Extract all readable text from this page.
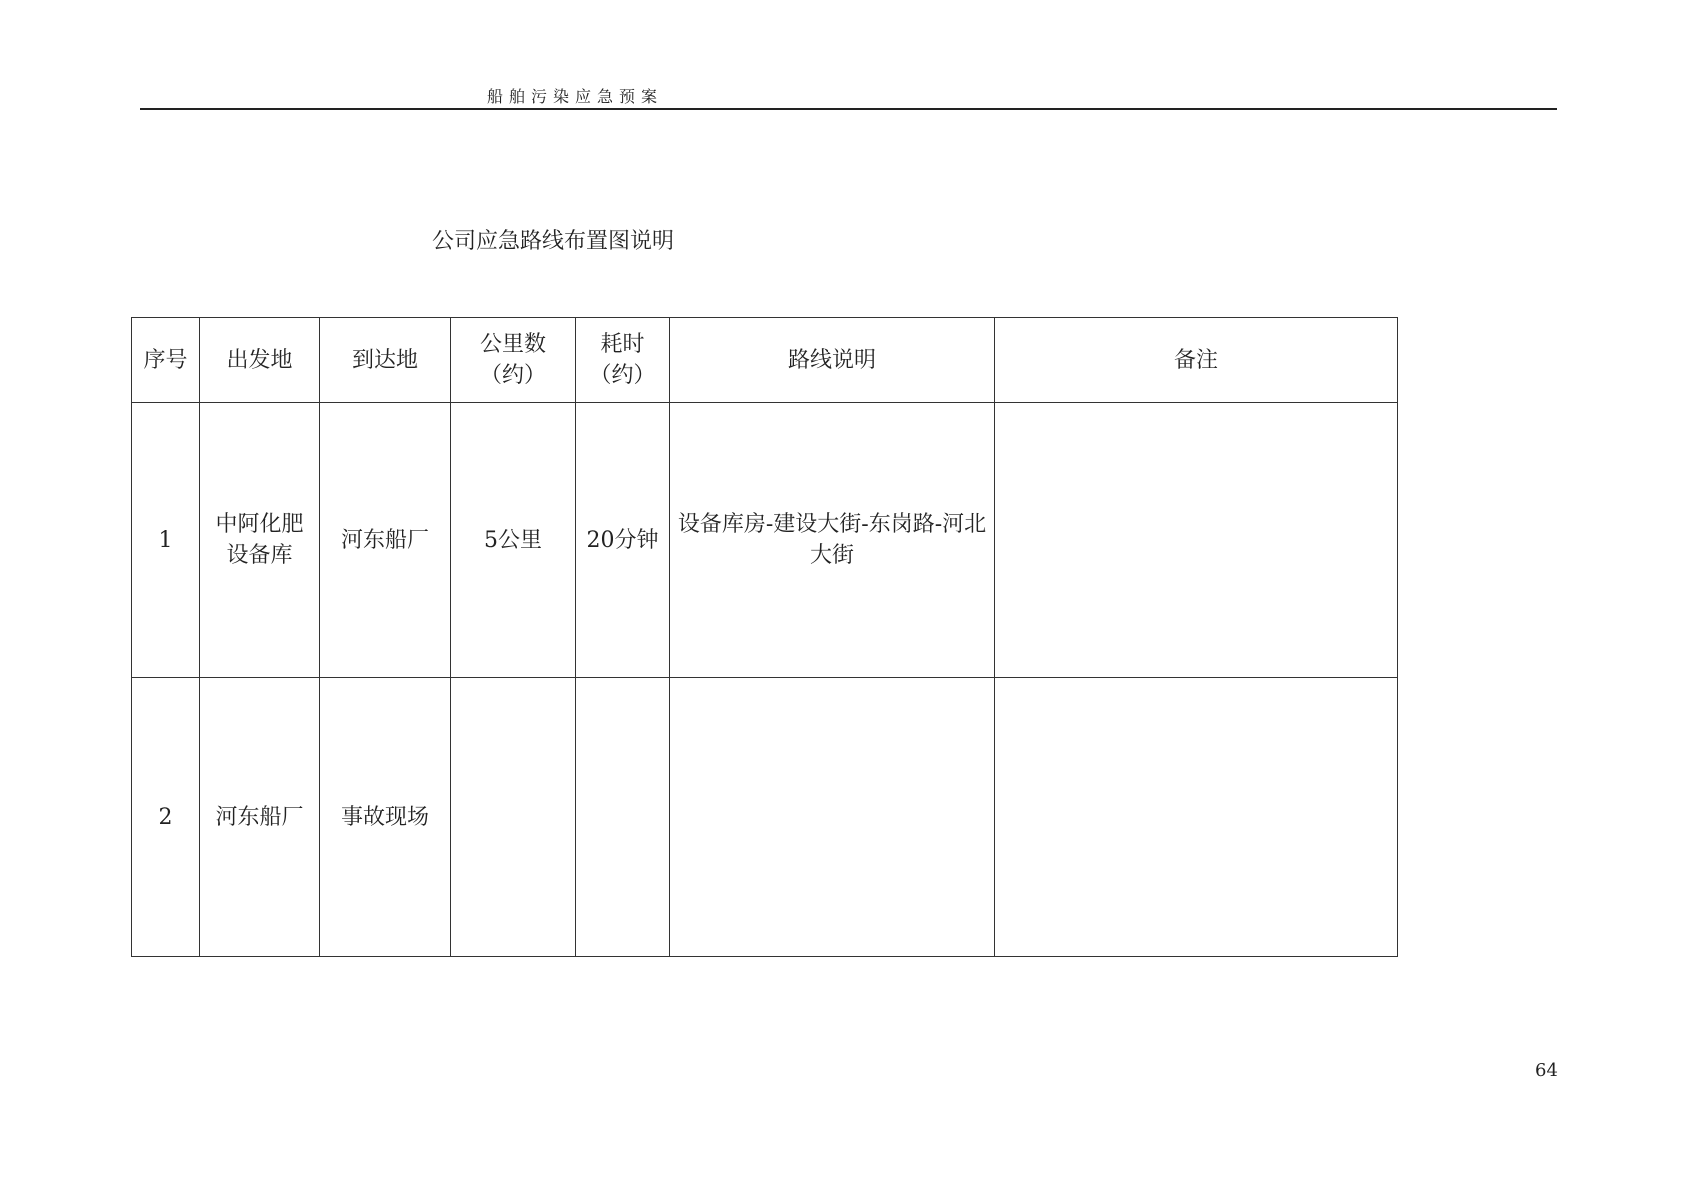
船舶污染应急预案
公司应急路线布置图说明
序号	出发地	到达地	公里数（约）	耗时（约）	路线说明	备注
1	中阿化肥设备库	河东船厂	5公里	20分钟	设备库房-建设大街-东岗路-河北大街	
2	河东船厂	事故现场				
64
